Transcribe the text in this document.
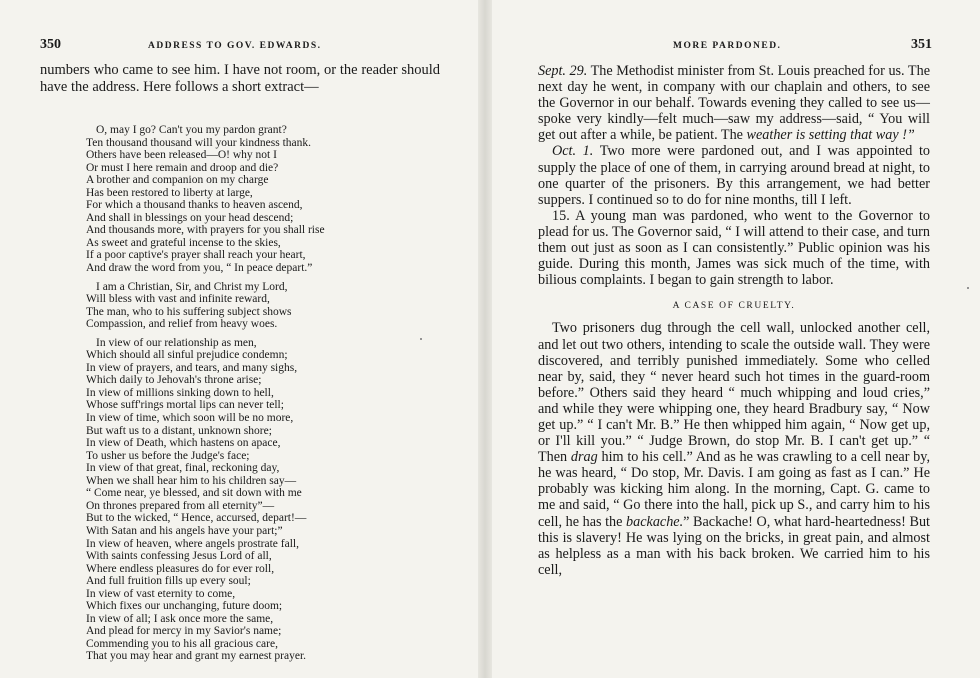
350	ADDRESS TO GOV. EDWARDS.

numbers who came to see him. I have not room, or the reader should have the address. Here follows a short extract—

O, may I go? Can't you my pardon grant?
Ten thousand thousand will your kindness thank.
Others have been released—O! why not I
Or must I here remain and droop and die?
A brother and companion on my charge
Has been restored to liberty at large,
For which a thousand thanks to heaven ascend,
And shall in blessings on your head descend;
And thousands more, with prayers for you shall rise
As sweet and grateful incense to the skies,
If a poor captive's prayer shall reach your heart,
And draw the word from you, “ In peace depart.”
I am a Christian, Sir, and Christ my Lord,
Will bless with vast and infinite reward,
The man, who to his suffering subject shows
Compassion, and relief from heavy woes.
In view of our relationship as men,
Which should all sinful prejudice condemn;
In view of prayers, and tears, and many sighs,
Which daily to Jehovah's throne arise;
In view of millions sinking down to hell,
Whose suff'rings mortal lips can never tell;
In view of time, which soon will be no more,
But waft us to a distant, unknown shore;
In view of Death, which hastens on apace,
To usher us before the Judge's face;
In view of that great, final, reckoning day,
When we shall hear him to his children say—
“ Come near, ye blessed, and sit down with me
On thrones prepared from all eternity”—
But to the wicked, “ Hence, accursed, depart!—
With Satan and his angels have your part;”
In view of heaven, where angels prostrate fall,
With saints confessing Jesus Lord of all,
Where endless pleasures do for ever roll,
And full fruition fills up every soul;
In view of vast eternity to come,
Which fixes our unchanging, future doom;
In view of all; I ask once more the same,
And plead for mercy in my Savior's name;
Commending you to his all gracious care,
That you may hear and grant my earnest prayer.
MORE PARDONED.	351

Sept. 29. The Methodist minister from St. Louis preached for us. The next day he went, in company with our chaplain and others, to see the Governor in our behalf. Towards evening they called to see us—spoke very kindly—felt much—saw my address—said, “ You will get out after a while, be patient. The weather is setting that way !”

Oct. 1. Two more were pardoned out, and I was appointed to supply the place of one of them, in carrying around bread at night, to one quarter of the prisoners. By this arrangement, we had better suppers. I continued so to do for nine months, till I left.

15. A young man was pardoned, who went to the Governor to plead for us. The Governor said, “ I will attend to their case, and turn them out just as soon as I can consistently.” Public opinion was his guide. During this month, James was sick much of the time, with bilious complaints. I began to gain strength to labor.

A CASE OF CRUELTY.

Two prisoners dug through the cell wall, unlocked another cell, and let out two others, intending to scale the outside wall. They were discovered, and terribly punished immediately. Some who celled near by, said, they “ never heard such hot times in the guard-room before.” Others said they heard “ much whipping and loud cries,” and while they were whipping one, they heard Bradbury say, “ Now get up.” “ I can't Mr. B.” He then whipped him again, “ Now get up, or I'll kill you.” “ Judge Brown, do stop Mr. B. I can't get up.” “ Then drag him to his cell.” And as he was crawling to a cell near by, he was heard, “ Do stop, Mr. Davis. I am going as fast as I can.” He probably was kicking him along. In the morning, Capt. G. came to me and said, “ Go there into the hall, pick up S., and carry him to his cell, he has the backache.” Backache! O, what hard-heartedness! But this is slavery! He was lying on the bricks, in great pain, and almost as helpless as a man with his back broken. We carried him to his cell,
